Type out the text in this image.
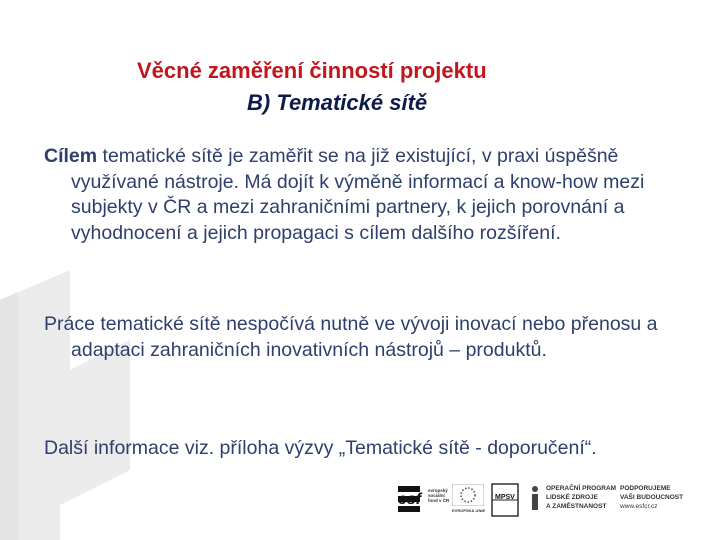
Věcné zaměření činností projektu
B) Tematické sítě

Cílem tematické sítě je zaměřit se na již existující, v praxi úspěšně využívané nástroje. Má dojít k výměně informací a know-how mezi subjekty v ČR a mezi zahraničními partnery, k jejich porovnání a vyhodnocení a jejich propagaci s cílem dalšího rozšíření.

Práce tematické sítě nespočívá nutně ve vývoji inovací nebo přenosu a adaptaci zahraničních inovativních nástrojů – produktů.

Další informace viz. příloha výzvy „Tematické sítě - doporučení“.

esf
evropský sociální fond v ČR
EVROPSKÁ UNIE
MPSV
OPERAČNÍ PROGRAM
LIDSKÉ ZDROJE
A ZAMĚSTNANOST
PODPORUJEME
VAŠI BUDOUCNOST
www.esfcr.cz
